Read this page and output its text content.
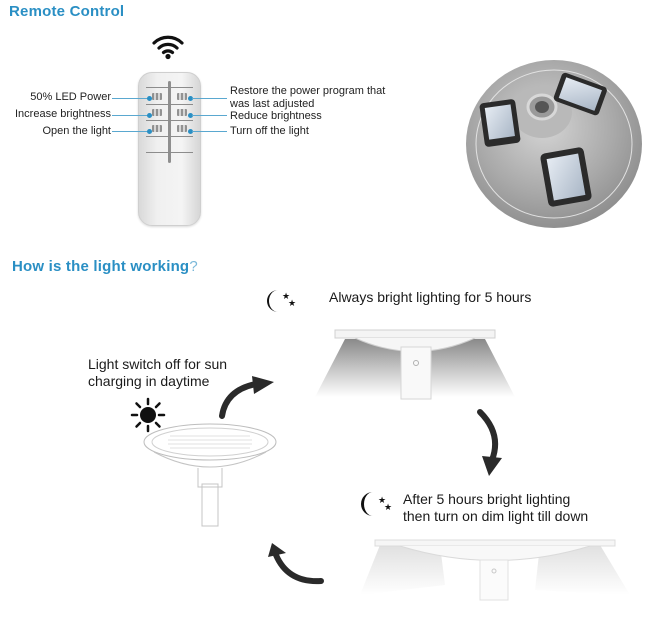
Remote Control
50% LED Power
Increase brightness
Open the light
Restore the power program that
was last adjusted
Reduce brightness
Turn off the light
How is the light working?
★
★ Always bright lighting for 5 hours
★
★
After 5 hours bright lighting
then turn on dim light till down
Light switch off for sun
charging in daytime
